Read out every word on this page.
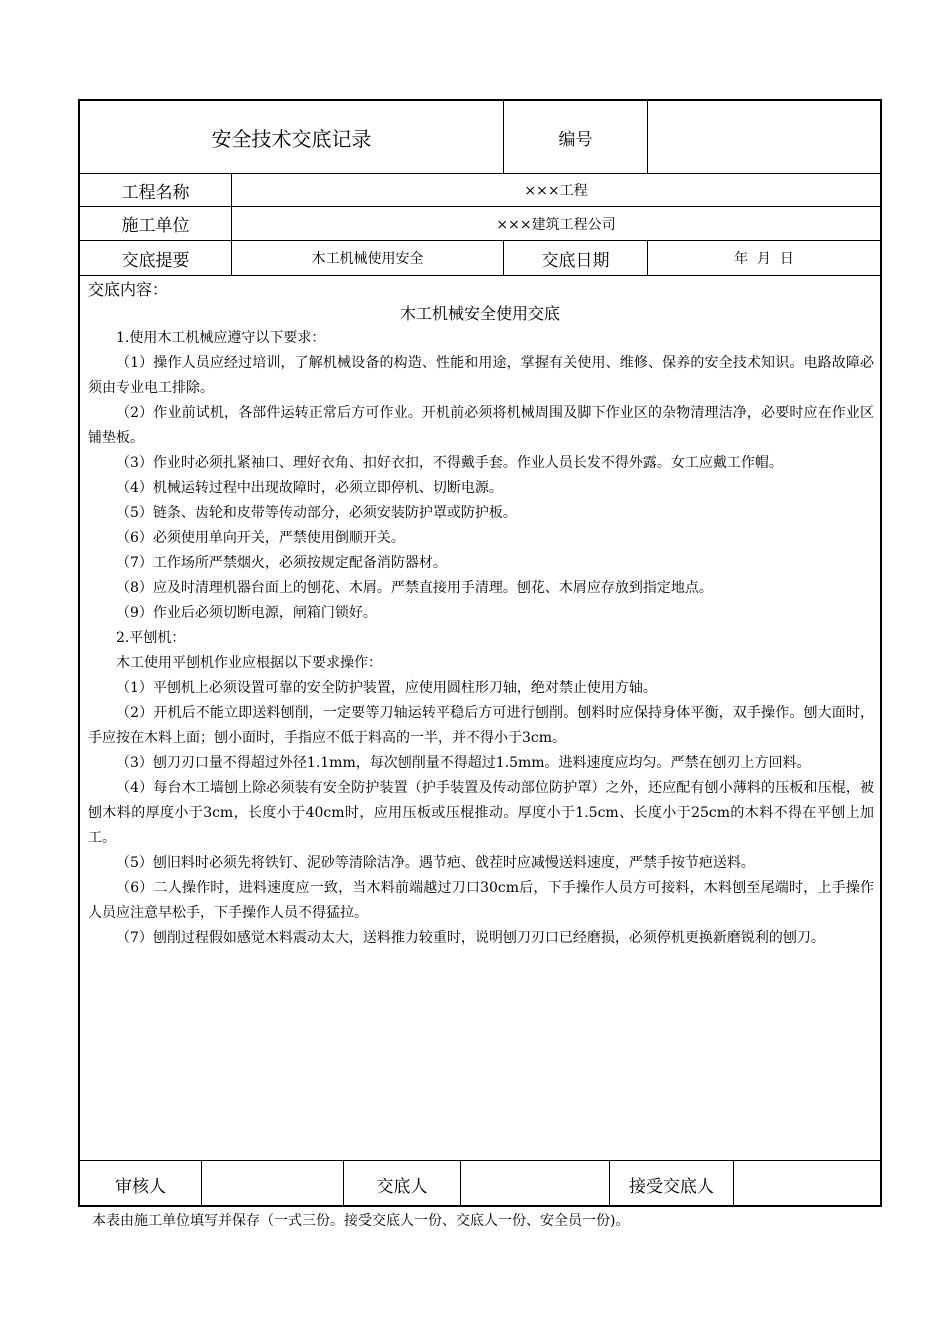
安全技术交底记录	编号
工程名称	×××工程
施工单位	×××建筑工程公司
交底提要	木工机械使用安全	交底日期	年  月  日
交底内容：
木工机械安全使用交底

1.使用木工机械应遵守以下要求：

（1）操作人员应经过培训，了解机械设备的构造、性能和用途，掌握有关使用、维修、保养的安全技术知识。电路故障必须由专业电工排除。

（2）作业前试机，各部件运转正常后方可作业。开机前必须将机械周围及脚下作业区的杂物清理洁净，必要时应在作业区铺垫板。

（3）作业时必须扎紧袖口、理好衣角、扣好衣扣，不得戴手套。作业人员长发不得外露。女工应戴工作帽。

（4）机械运转过程中出现故障时，必须立即停机、切断电源。

（5）链条、齿轮和皮带等传动部分，必须安装防护罩或防护板。

（6）必须使用单向开关，严禁使用倒顺开关。

（7）工作场所严禁烟火，必须按规定配备消防器材。

（8）应及时清理机器台面上的刨花、木屑。严禁直接用手清理。刨花、木屑应存放到指定地点。

（9）作业后必须切断电源，闸箱门锁好。

2.平刨机：

木工使用平刨机作业应根据以下要求操作：

（1）平刨机上必须设置可靠的安全防护装置，应使用圆柱形刀轴，绝对禁止使用方轴。

（2）开机后不能立即送料刨削，一定要等刀轴运转平稳后方可进行刨削。刨料时应保持身体平衡，双手操作。刨大面时，手应按在木料上面；刨小面时，手指应不低于料高的一半，并不得小于3cm。

（3）刨刀刃口量不得超过外径1.1mm，每次刨削量不得超过1.5mm。进料速度应均匀。严禁在刨刃上方回料。

（4）每台木工墙刨上除必须装有安全防护装置（护手装置及传动部位防护罩）之外，还应配有刨小薄料的压板和压棍，被刨木料的厚度小于3cm，长度小于40cm时，应用压板或压棍推动。厚度小于1.5cm、长度小于25cm的木料不得在平刨上加工。

（5）刨旧料时必须先将铁钉、泥砂等清除洁净。遇节疤、戗茬时应减慢送料速度，严禁手按节疤送料。

（6）二人操作时，进料速度应一致，当木料前端越过刀口30cm后，下手操作人员方可接料，木料刨至尾端时，上手操作人员应注意早松手，下手操作人员不得猛拉。

（7）刨削过程假如感觉木料震动太大，送料推力较重时，说明刨刀刃口已经磨损，必须停机更换新磨锐利的刨刀。

审核人	交底人	接受交底人
本表由施工单位填写并保存（一式三份。接受交底人一份、交底人一份、安全员一份)。
